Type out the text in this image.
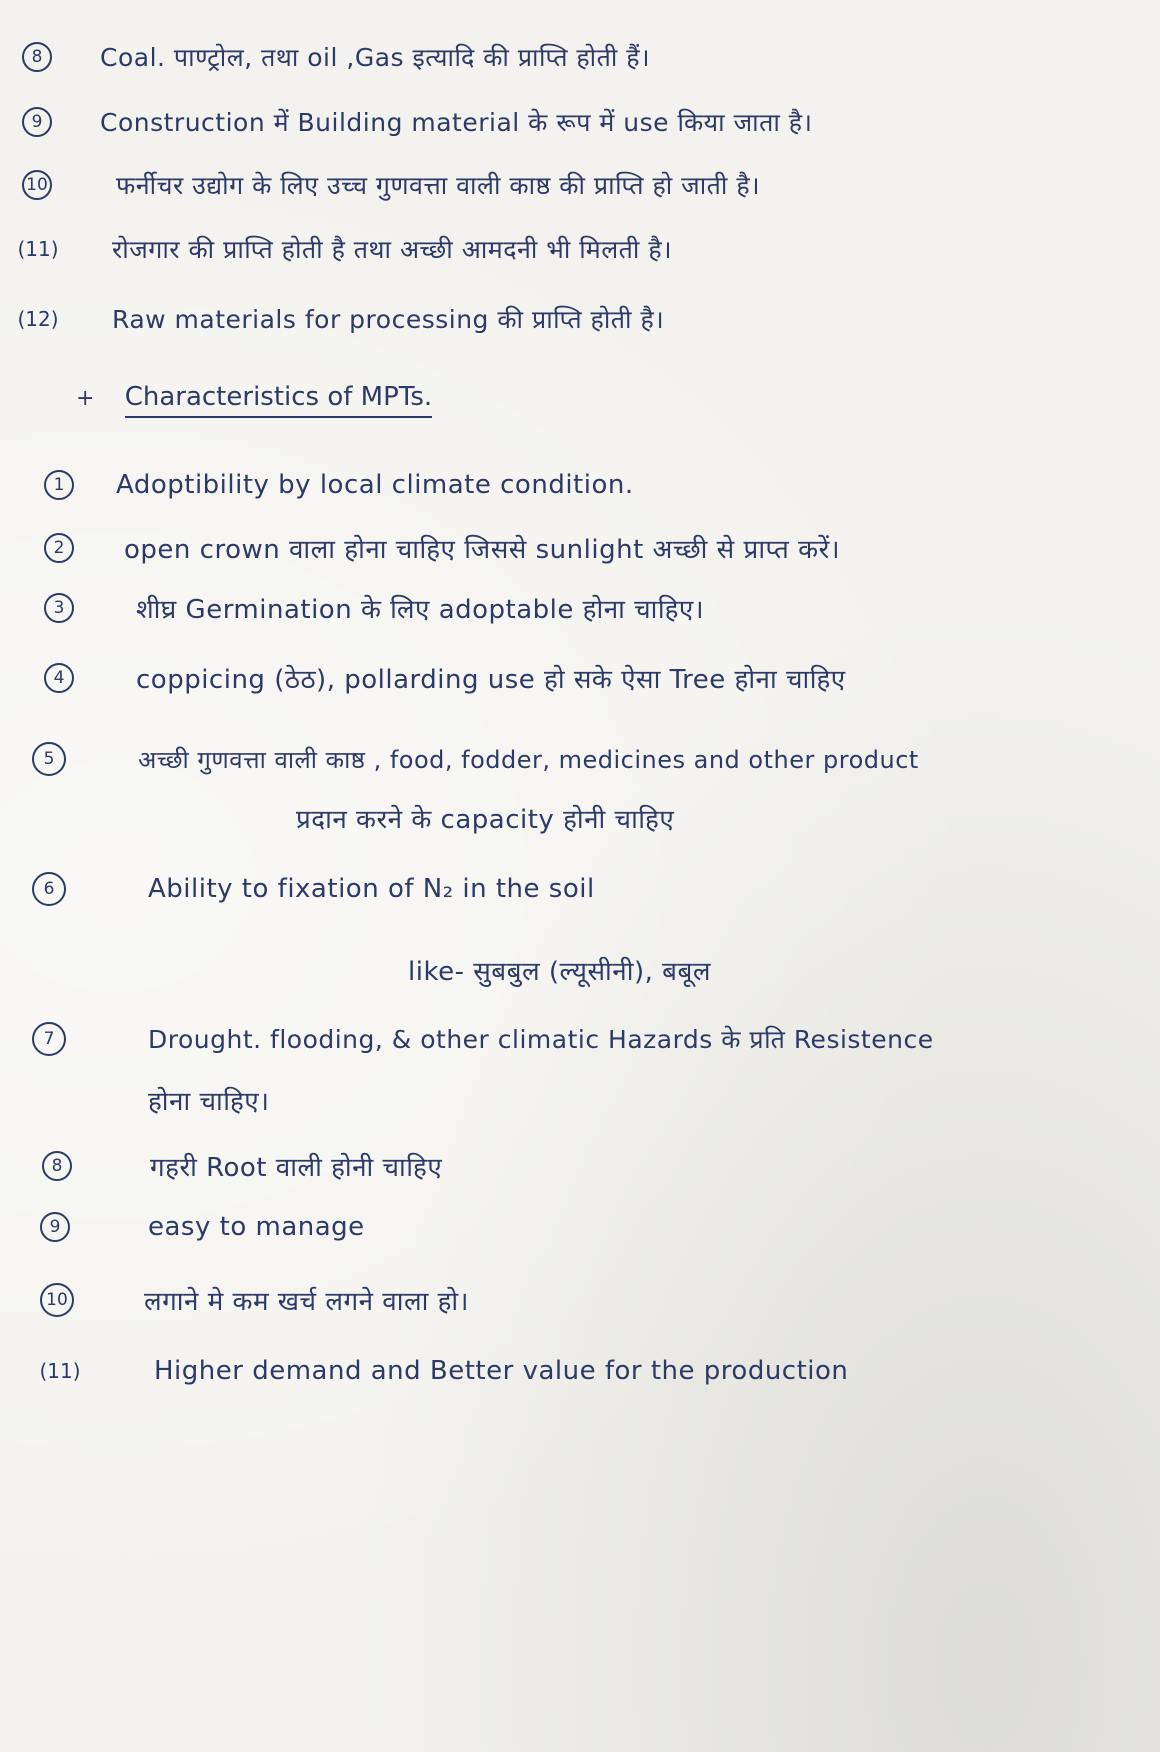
8	Coal. पाण्ट्रोल, तथा oil ,Gas इत्यादि की प्राप्ति होती हैं।
9	Construction में Building material के रूप में use किया जाता है।
10	फर्नीचर उद्योग के लिए उच्च गुणवत्ता वाली काष्ठ की प्राप्ति हो जाती है।
(11) रोजगार की प्राप्ति होती है तथा अच्छी आमदनी भी मिलती है।
(12) Raw materials for processing की प्राप्ति होती है।
+ Characteristics of MPTs.
1	Adoptibility by local climate condition.
2	open crown वाला होना चाहिए जिससे sunlight अच्छी से प्राप्त करें।
3	शीघ्र Germination के लिए adoptable होना चाहिए।
4	coppicing (ठेठ), pollarding use हो सके ऐसा Tree होना चाहिए
5	अच्छी गुणवत्ता वाली काष्ठ , food, fodder, medicines and other product
प्रदान करने के capacity होनी चाहिए
6	Ability to fixation of N₂ in the soil
like- सुबबुल (ल्यूसीनी), बबूल
7	Drought. flooding, & other climatic Hazards के प्रति Resistence
होना चाहिए।
8	गहरी Root वाली होनी चाहिए
9	easy to manage
10	लगाने मे कम खर्च लगने वाला हो।
(11)	Higher demand and Better value for the production
